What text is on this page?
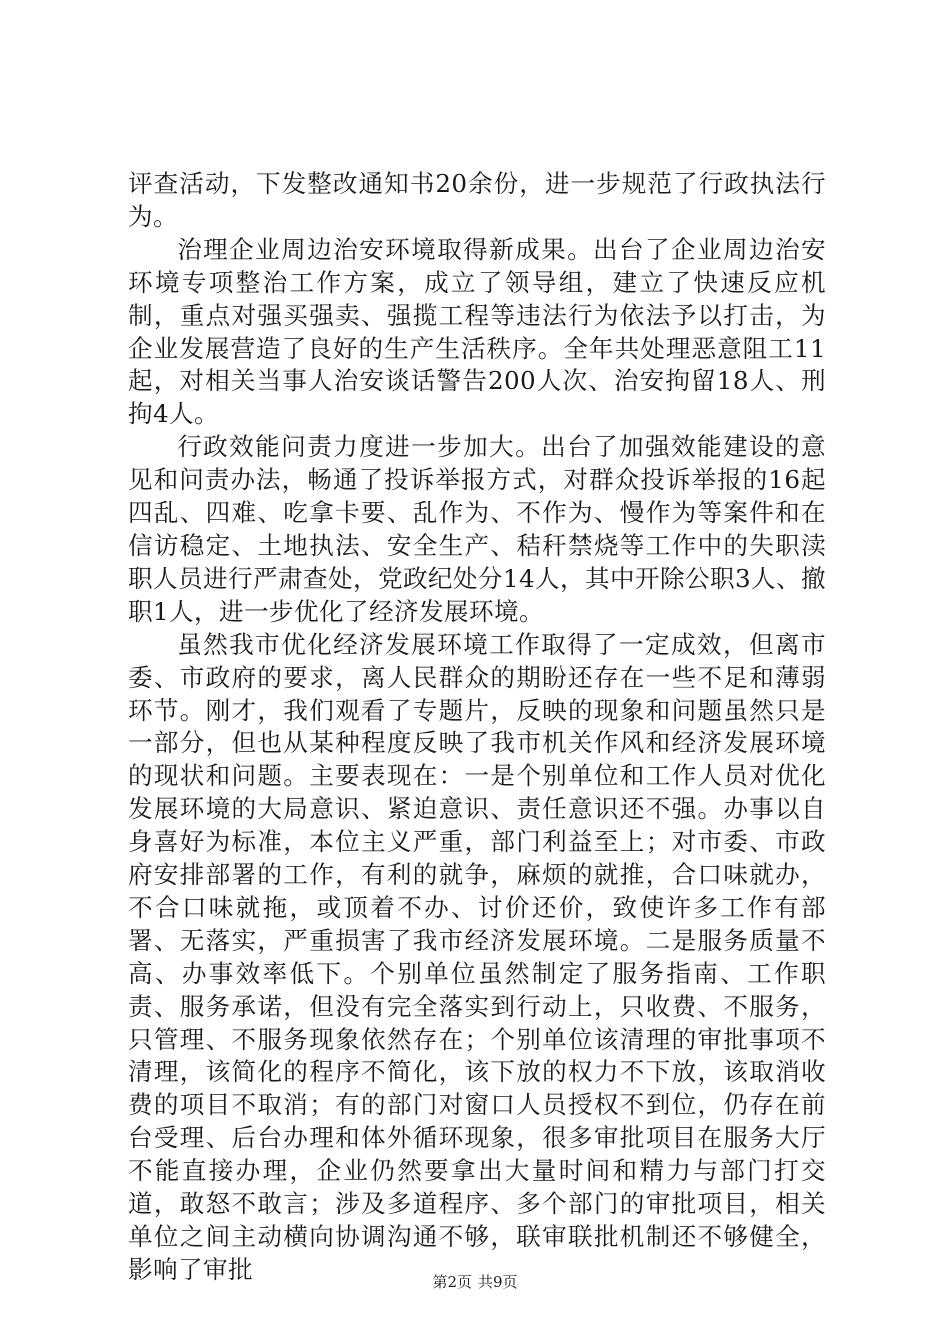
评查活动，下发整改通知书20余份，进一步规范了行政执法行为。

治理企业周边治安环境取得新成果。出台了企业周边治安环境专项整治工作方案，成立了领导组，建立了快速反应机制，重点对强买强卖、强揽工程等违法行为依法予以打击，为企业发展营造了良好的生产生活秩序。全年共处理恶意阻工11起，对相关当事人治安谈话警告200人次、治安拘留18人、刑拘4人。

行政效能问责力度进一步加大。出台了加强效能建设的意见和问责办法，畅通了投诉举报方式，对群众投诉举报的16起四乱、四难、吃拿卡要、乱作为、不作为、慢作为等案件和在信访稳定、土地执法、安全生产、秸秆禁烧等工作中的失职渎职人员进行严肃查处，党政纪处分14人，其中开除公职3人、撤职1人，进一步优化了经济发展环境。

虽然我市优化经济发展环境工作取得了一定成效，但离市委、市政府的要求，离人民群众的期盼还存在一些不足和薄弱环节。刚才，我们观看了专题片，反映的现象和问题虽然只是一部分，但也从某种程度反映了我市机关作风和经济发展环境的现状和问题。主要表现在：一是个别单位和工作人员对优化发展环境的大局意识、紧迫意识、责任意识还不强。办事以自身喜好为标准，本位主义严重，部门利益至上；对市委、市政府安排部署的工作，有利的就争，麻烦的就推，合口味就办，不合口味就拖，或顶着不办、讨价还价，致使许多工作有部署、无落实，严重损害了我市经济发展环境。二是服务质量不高、办事效率低下。个别单位虽然制定了服务指南、工作职责、服务承诺，但没有完全落实到行动上，只收费、不服务，只管理、不服务现象依然存在；个别单位该清理的审批事项不清理，该简化的程序不简化，该下放的权力不下放，该取消收费的项目不取消；有的部门对窗口人员授权不到位，仍存在前台受理、后台办理和体外循环现象，很多审批项目在服务大厅不能直接办理，企业仍然要拿出大量时间和精力与部门打交道，敢怒不敢言；涉及多道程序、多个部门的审批项目，相关单位之间主动横向协调沟通不够，联审联批机制还不够健全，影响了审批	第2页 共9页
